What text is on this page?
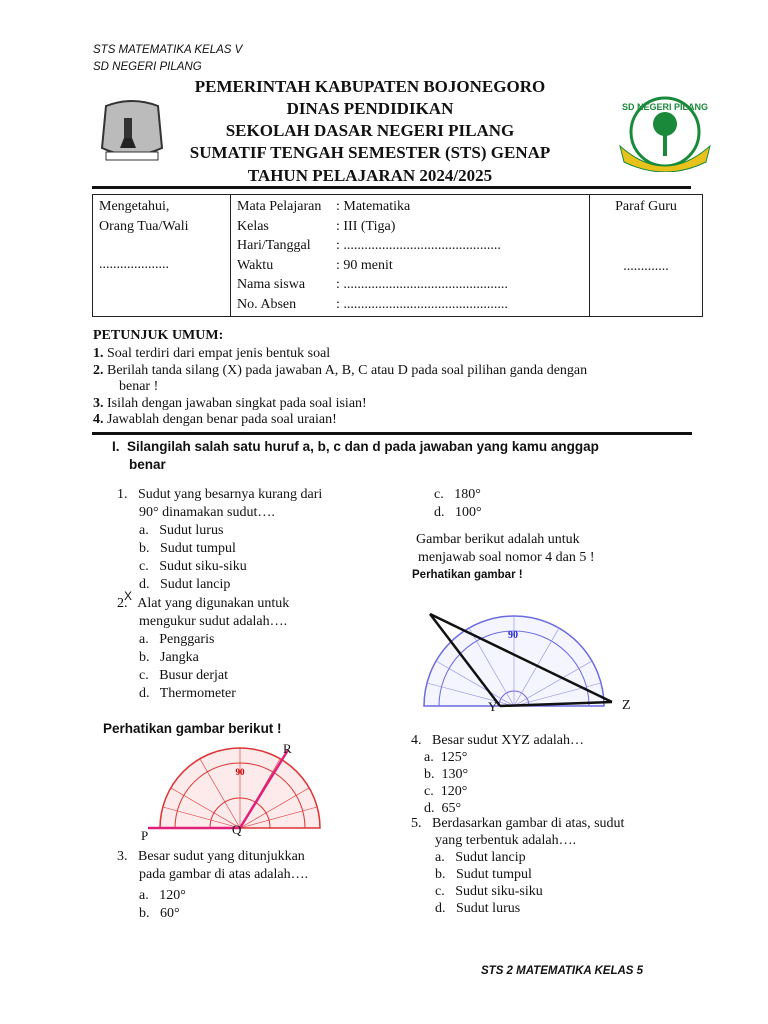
STS MATEMATIKA KELAS V
SD NEGERI PILANG
SD NEGERI PILANG
PEMERINTAH KABUPATEN BOJONEGORO
DINAS PENDIDIKAN
SEKOLAH DASAR NEGERI PILANG
SUMATIF TENGAH SEMESTER (STS) GENAP
TAHUN PELAJARAN 2024/2025
Mengetahui,
Orang Tua/Wali
....................

Mata Pelajaran	: Matematika
Kelas	: III (Tiga)
Hari/Tanggal	: .............................................
Waktu	: 90 menit
Nama siswa	: ...............................................
No. Absen	: ...............................................

Paraf Guru
.............
PETUNJUK UMUM:
1. Soal terdiri dari empat jenis bentuk soal
2. Berilah tanda silang (X) pada jawaban A, B, C atau D pada soal pilihan ganda dengan
benar !
3. Isilah dengan jawaban singkat pada soal isian!
4. Jawablah dengan benar pada soal uraian!
I. Silangilah salah satu huruf a, b, c dan d pada jawaban yang kamu anggap
benar
1. Sudut yang besarnya kurang dari
90° dinamakan sudut….
a. Sudut lurus
b. Sudut tumpul
c. Sudut siku-siku
d. Sudut lancip
X
2. Alat yang digunakan untuk
mengukur sudut adalah….
a. Penggaris
b. Jangka
c. Busur derjat
d. Thermometer
Perhatikan gambar berikut !
90
R
P	Q
3. Besar sudut yang ditunjukkan
pada gambar di atas adalah….
a. 120°
b. 60°
c. 180°
d. 100°
Gambar berikut adalah untuk
menjawab soal nomor 4 dan 5 !
Perhatikan gambar !
90
Y	Z
4. Besar sudut XYZ adalah…
a. 125°
b. 130°
c. 120°
d. 65°
5. Berdasarkan gambar di atas, sudut
yang terbentuk adalah….
a. Sudut lancip
b. Sudut tumpul
c. Sudut siku-siku
d. Sudut lurus
STS 2 MATEMATIKA KELAS 5
